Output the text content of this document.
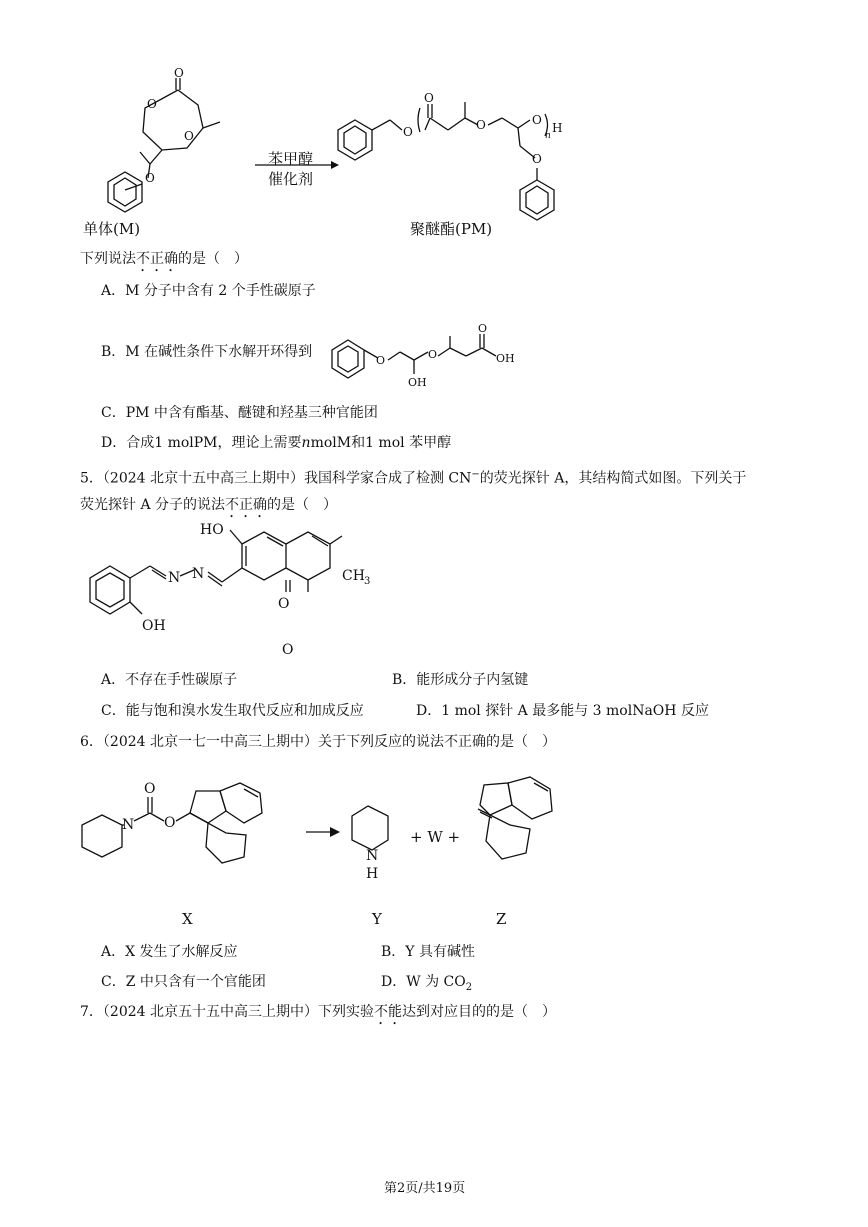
O
O
O
O
O
O
O	O
H
n
O
苯甲醇
催化剂
单体(M)	聚醚酯(PM)
下列说法不正确的是（　）
A．M 分子中含有 2 个手性碳原子
B．M 在碱性条件下水解开环得到
O
OH
O
O
OH
C．PM 中含有酯基、醚键和羟基三种官能团
D．合成1 molPM，理论上需要nmolM和1 mol 苯甲醇
5．（2024 北京十五中高三上期中）我国科学家合成了检测 CN−的荧光探针 A，其结构简式如图。下列关于
荧光探针 A 分子的说法不正确的是（　）
HO
N N
OH
O
O
CH 3
A．不存在手性碳原子	B．能形成分子内氢键
C．能与饱和溴水发生取代反应和加成反应	D．1 mol 探针 A 最多能与 3 molNaOH 反应
6．（2024 北京一七一中高三上期中）关于下列反应的说法不正确的是（　）
N
O
O
N
H
+ W +
X	Y	Z
A．X 发生了水解反应	B．Y 具有碱性
C．Z 中只含有一个官能团	D．W 为 $CO_2$
7．（2024 北京五十五中高三上期中）下列实验不能达到对应目的的是（　）
第2页/共19页
